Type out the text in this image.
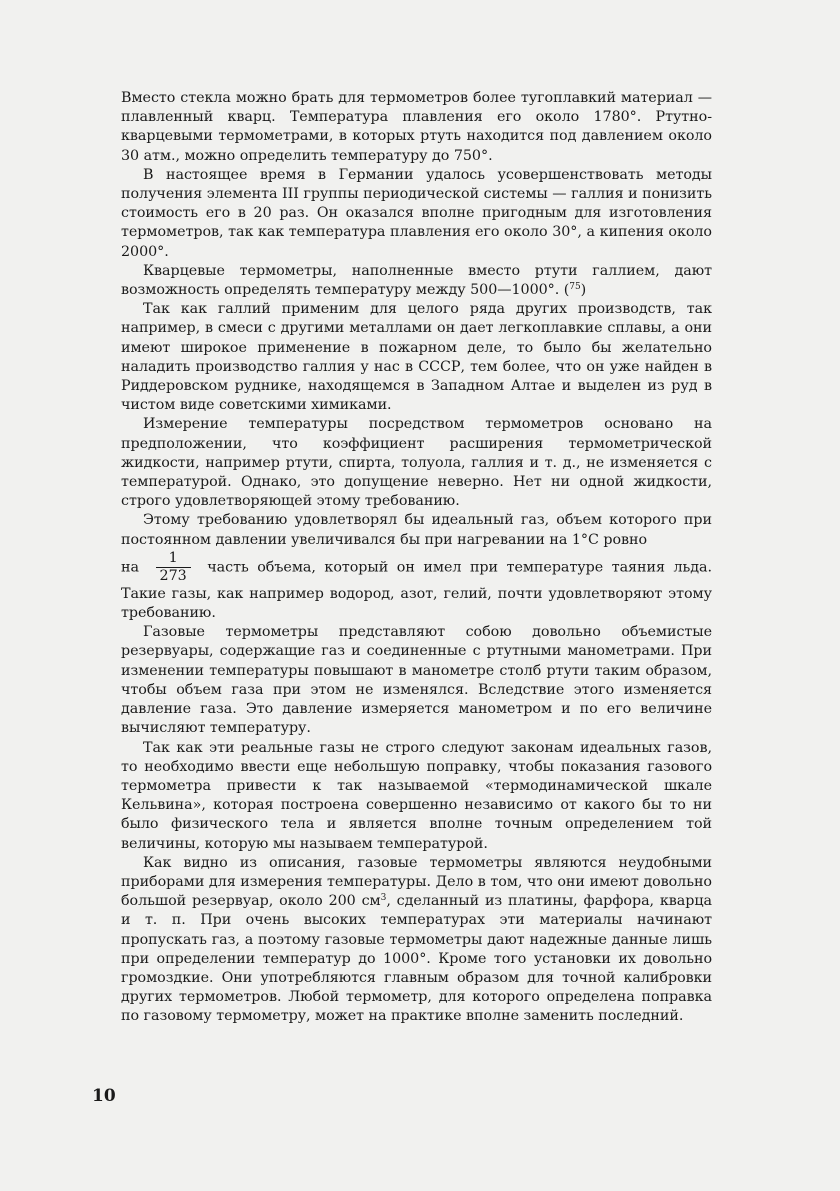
Вместо стекла можно брать для термометров более тугоплавкий материал — плавленный кварц. Температура плавления его около 1780°. Ртутно-кварцевыми термометрами, в которых ртуть находится под давлением около 30 атм., можно определить температуру до 750°.

В настоящее время в Германии удалось усовершенствовать методы получения элемента III группы периодической системы — галлия и понизить стоимость его в 20 раз. Он оказался вполне пригодным для изготовления термометров, так как температура плавления его около 30°, а кипения около 2000°.

Кварцевые термометры, наполненные вместо ртути галлием, дают возможность определять температуру между 500—1000°. ($^{75}$)

Так как галлий применим для целого ряда других производств, так например, в смеси с другими металлами он дает легкоплавкие сплавы, а они имеют широкое применение в пожарном деле, то было бы желательно наладить производство галлия у нас в СССР, тем более, что он уже найден в Риддеровском руднике, находящемся в Западном Алтае и выделен из руд в чистом виде советскими химиками.

Измерение температуры посредством термометров основано на предположении, что коэффициент расширения термометрической жидкости, например ртути, спирта, толуола, галлия и т. д., не изменяется с температурой. Однако, это допущение неверно. Нет ни одной жидкости, строго удовлетворяющей этому требованию.

Этому требованию удовлетворял бы идеальный газ, объем которого при постоянном давлении увеличивался бы при нагревании на 1°С ровно

на $\frac{1}{273}$ часть объема, который он имел при температуре таяния льда. Такие газы, как например водород, азот, гелий, почти удовлетворяют этому требованию.

Газовые термометры представляют собою довольно объемистые резервуары, содержащие газ и соединенные с ртутными манометрами. При изменении температуры повышают в манометре столб ртути таким образом, чтобы объем газа при этом не изменялся. Вследствие этого изменяется давление газа. Это давление измеряется манометром и по его величине вычисляют температуру.

Так как эти реальные газы не строго следуют законам идеальных газов, то необходимо ввести еще небольшую поправку, чтобы показания газового термометра привести к так называемой «термодинамической шкале Кельвина», которая построена совершенно независимо от какого бы то ни было физического тела и является вполне точным определением той величины, которую мы называем температурой.

Как видно из описания, газовые термометры являются неудобными приборами для измерения температуры. Дело в том, что они имеют довольно большой резервуар, около 200 $см^3$, сделанный из платины, фарфора, кварца и т. п. При очень высоких температурах эти материалы начинают пропускать газ, а поэтому газовые термометры дают надежные данные лишь при определении температур до 1000°. Кроме того установки их довольно громоздкие. Они употребляются главным образом для точной калибровки других термометров. Любой термометр, для которого определена поправка по газовому термометру, может на практике вполне заменить последний.

10
